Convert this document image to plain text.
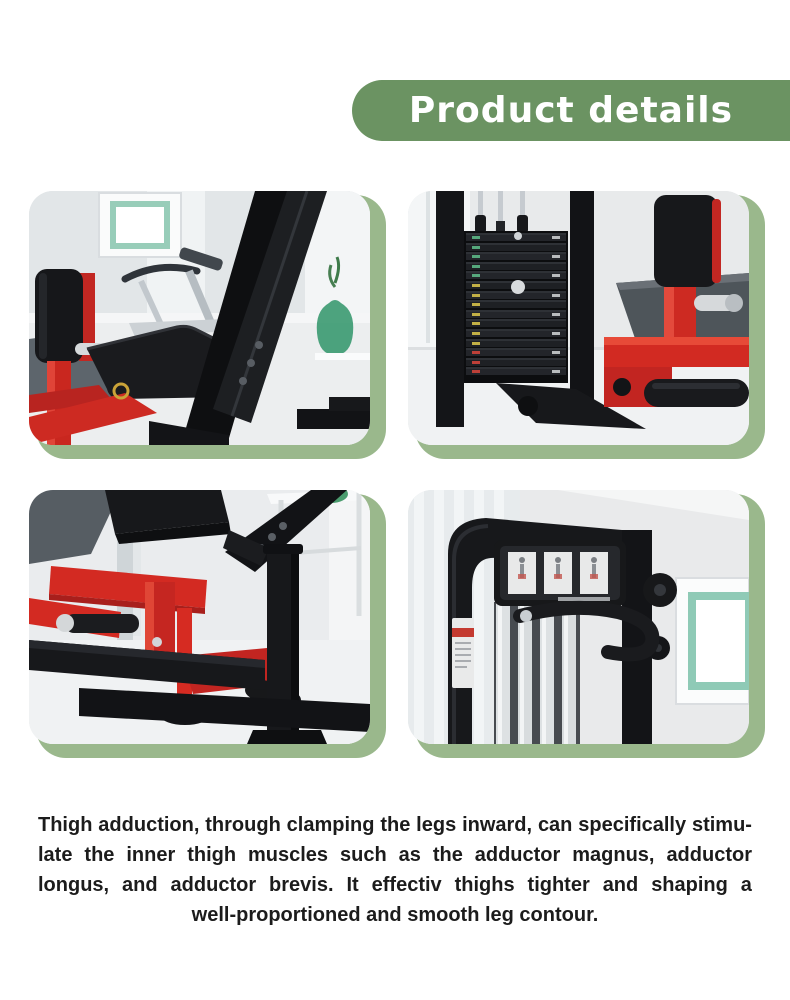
Product details
Thigh adduction, through clamping the legs inward, can specifically stimu-
late the inner thigh muscles such as the adductor magnus, adductor
longus, and adductor brevis. It effectiv thighs tighter and shaping a
well-proportioned and smooth leg contour.
